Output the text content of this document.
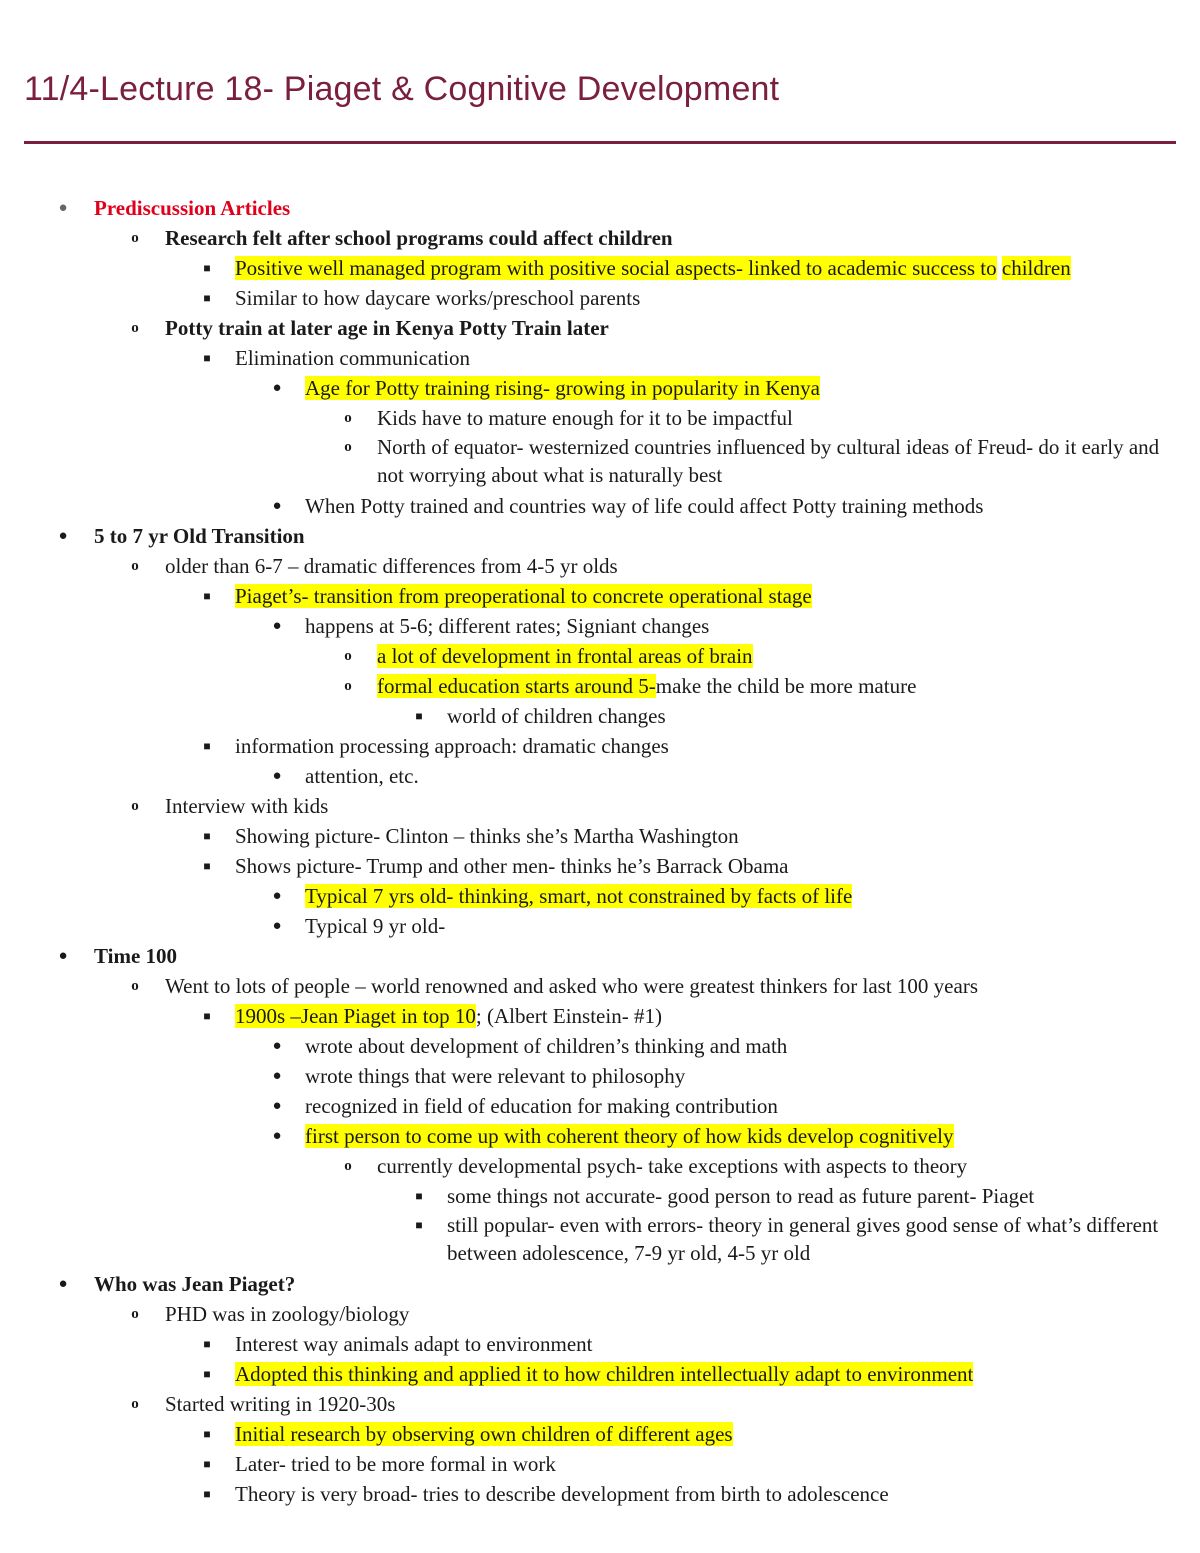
11/4-Lecture 18- Piaget & Cognitive Development
● Prediscussion Articles
o Research felt after school programs could affect children
■ Positive well managed program with positive social aspects- linked to academic success to children
■ Similar to how daycare works/preschool parents
o Potty train at later age in Kenya Potty Train later
■ Elimination communication
● Age for Potty training rising- growing in popularity in Kenya
o Kids have to mature enough for it to be impactful
o North of equator- westernized countries influenced by cultural ideas of Freud- do it early and not worrying about what is naturally best
● When Potty trained and countries way of life could affect Potty training methods
● 5 to 7 yr Old Transition
o older than 6-7 – dramatic differences from 4-5 yr olds
■ Piaget’s- transition from preoperational to concrete operational stage
● happens at 5-6; different rates; Signiant changes
o a lot of development in frontal areas of brain
o formal education starts around 5-make the child be more mature
■ world of children changes
■ information processing approach: dramatic changes
● attention, etc.
o Interview with kids
■ Showing picture- Clinton – thinks she’s Martha Washington
■ Shows picture- Trump and other men- thinks he’s Barrack Obama
● Typical 7 yrs old- thinking, smart, not constrained by facts of life
● Typical 9 yr old-
● Time 100
o Went to lots of people – world renowned and asked who were greatest thinkers for last 100 years
■ 1900s –Jean Piaget in top 10; (Albert Einstein- #1)
● wrote about development of children’s thinking and math
● wrote things that were relevant to philosophy
● recognized in field of education for making contribution
● first person to come up with coherent theory of how kids develop cognitively
o currently developmental psych- take exceptions with aspects to theory
■ some things not accurate- good person to read as future parent- Piaget
■ still popular- even with errors- theory in general gives good sense of what’s different between adolescence, 7-9 yr old, 4-5 yr old
● Who was Jean Piaget?
o PHD was in zoology/biology
■ Interest way animals adapt to environment
■ Adopted this thinking and applied it to how children intellectually adapt to environment
o Started writing in 1920-30s
■ Initial research by observing own children of different ages
■ Later- tried to be more formal in work
■ Theory is very broad- tries to describe development from birth to adolescence
